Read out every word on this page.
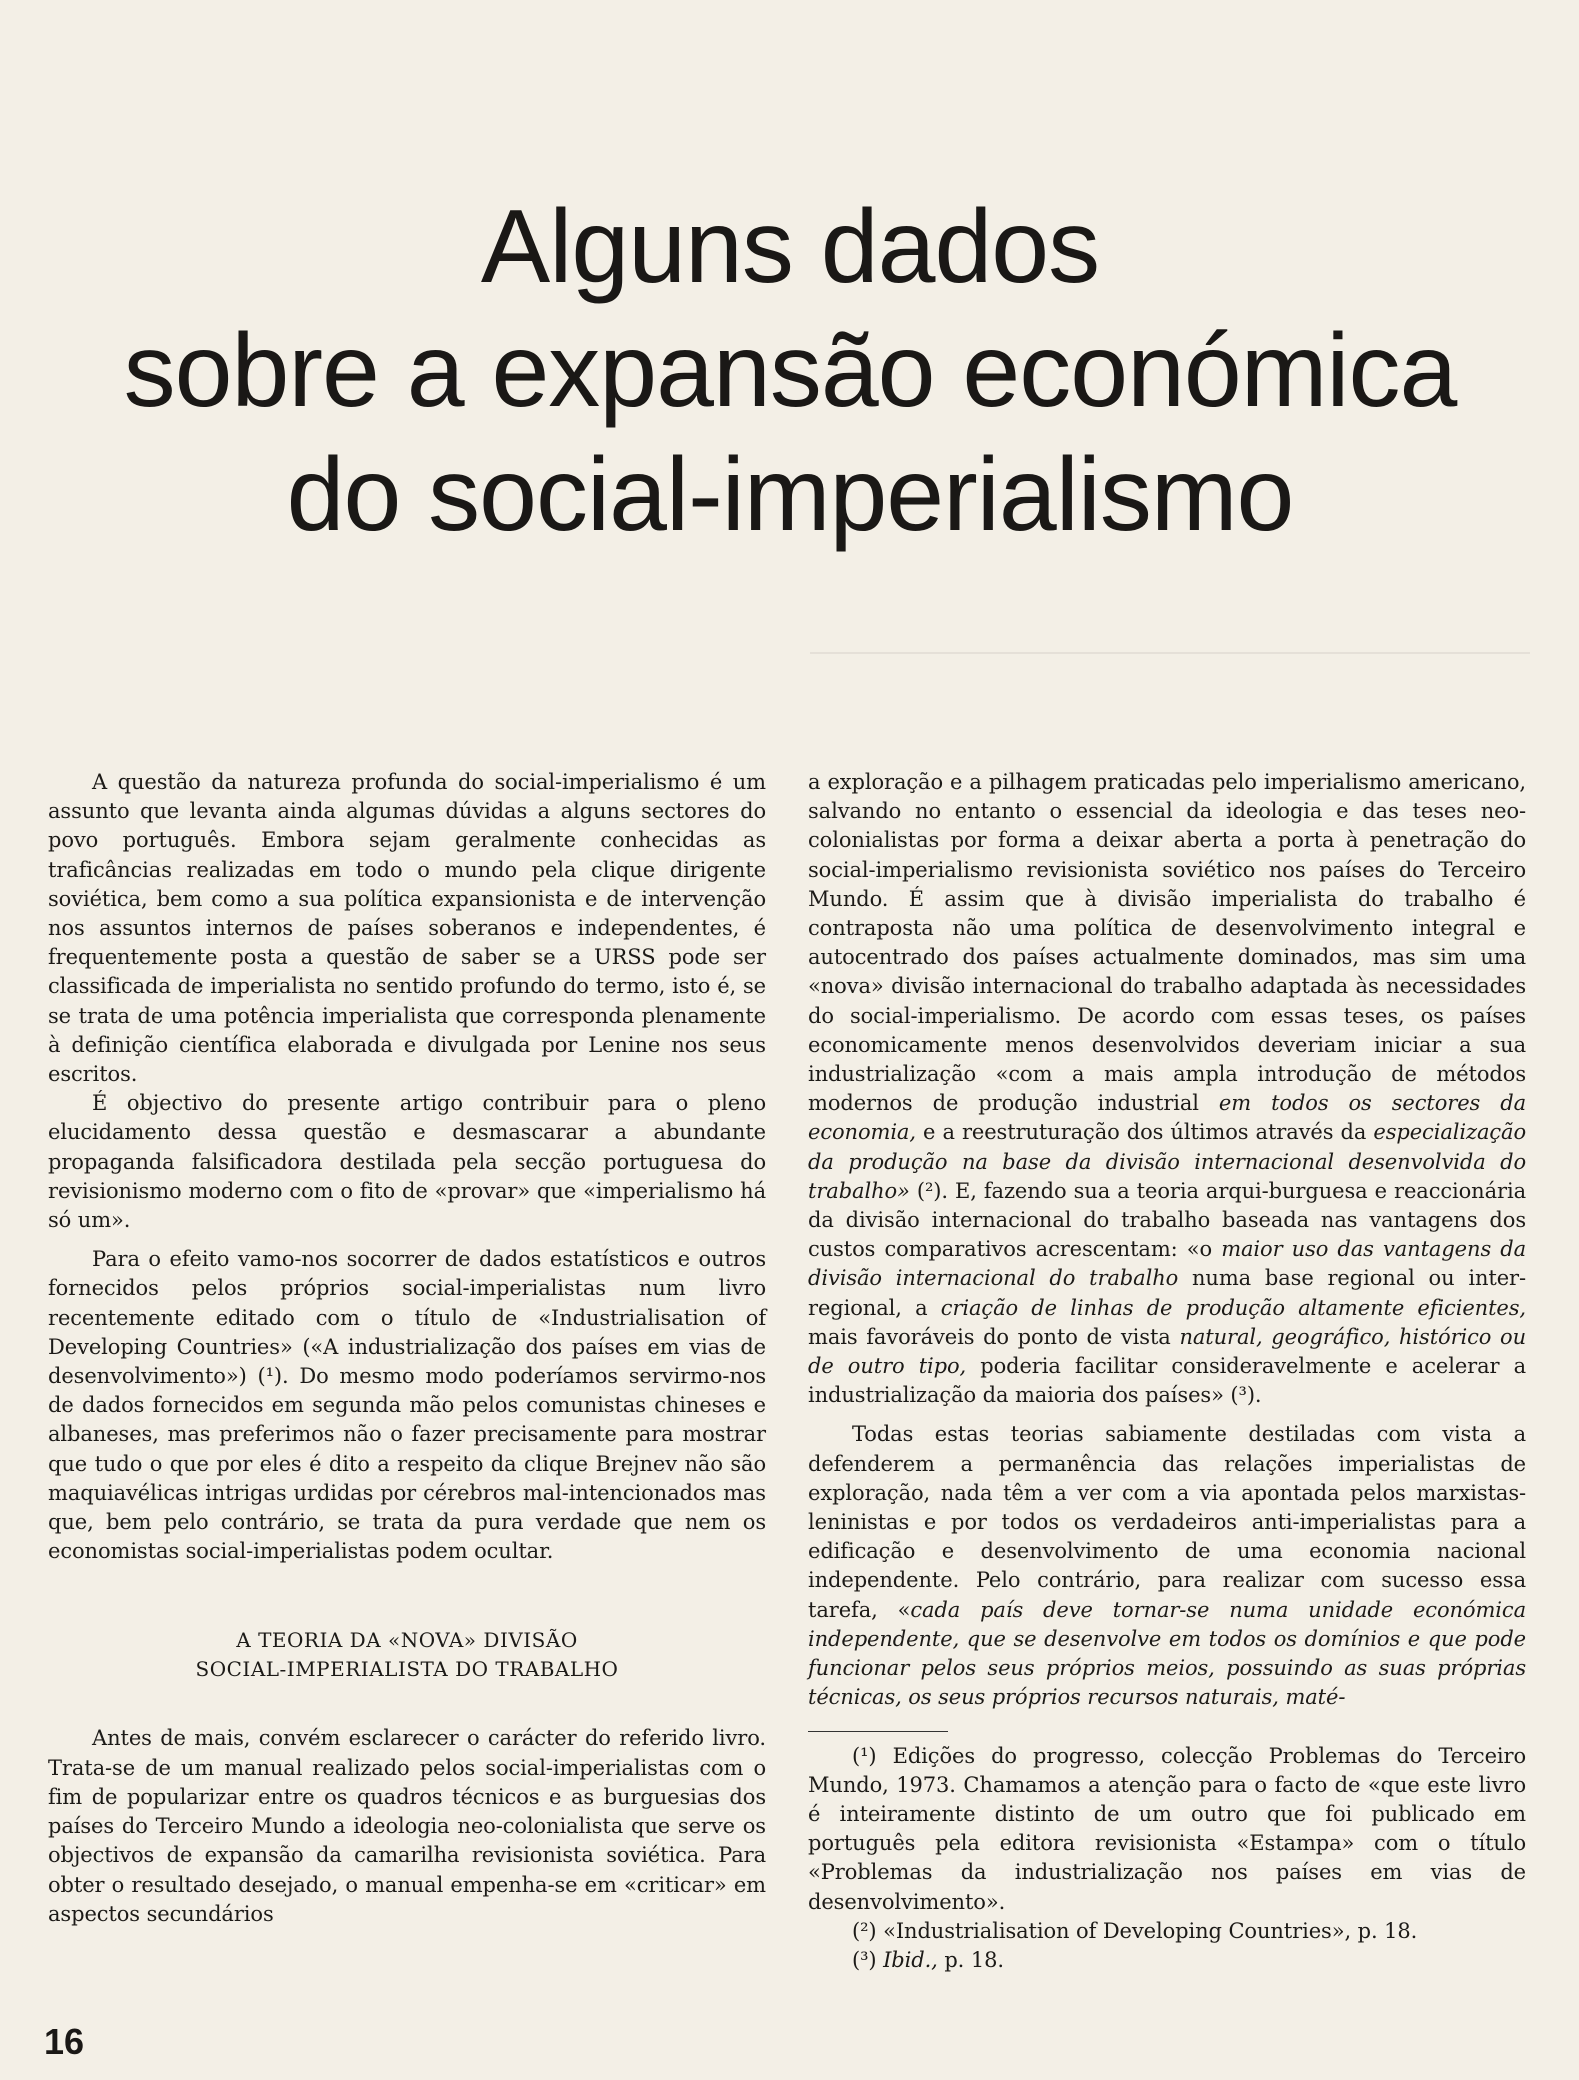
Alguns dados
sobre a expansão económica
do social-imperialismo

A questão da natureza profunda do social-imperialismo é um assunto que levanta ainda algumas dúvidas a alguns sectores do povo português. Embora sejam geralmente conhecidas as traficâncias realizadas em todo o mundo pela clique dirigente soviética, bem como a sua política expansionista e de intervenção nos assuntos internos de países soberanos e independentes, é frequentemente posta a questão de saber se a URSS pode ser classificada de imperialista no sentido profundo do termo, isto é, se se trata de uma potência imperialista que corresponda plenamente à definição científica elaborada e divulgada por Lenine nos seus escritos.

É objectivo do presente artigo contribuir para o pleno elucidamento dessa questão e desmascarar a abundante propaganda falsificadora destilada pela secção portuguesa do revisionismo moderno com o fito de «provar» que «imperialismo há só um».

Para o efeito vamo-nos socorrer de dados estatísticos e outros fornecidos pelos próprios social-imperialistas num livro recentemente editado com o título de «Industrialisation of Developing Countries» («A industrialização dos países em vias de desenvolvimento») (¹). Do mesmo modo poderíamos servirmo-nos de dados fornecidos em segunda mão pelos comunistas chineses e albaneses, mas preferimos não o fazer precisamente para mostrar que tudo o que por eles é dito a respeito da clique Brejnev não são maquiavélicas intrigas urdidas por cérebros mal-intencionados mas que, bem pelo contrário, se trata da pura verdade que nem os economistas social-imperialistas podem ocultar.

A TEORIA DA «NOVA» DIVISÃO
SOCIAL-IMPERIALISTA DO TRABALHO

Antes de mais, convém esclarecer o carácter do referido livro. Trata-se de um manual realizado pelos social-imperialistas com o fim de popularizar entre os quadros técnicos e as burguesias dos países do Terceiro Mundo a ideologia neo-colonialista que serve os objectivos de expansão da camarilha revisionista soviética. Para obter o resultado desejado, o manual empenha-se em «criticar» em aspectos secundários

a exploração e a pilhagem praticadas pelo imperialismo americano, salvando no entanto o essencial da ideologia e das teses neo-colonialistas por forma a deixar aberta a porta à penetração do social-imperialismo revisionista soviético nos países do Terceiro Mundo. É assim que à divisão imperialista do trabalho é contraposta não uma política de desenvolvimento integral e autocentrado dos países actualmente dominados, mas sim uma «nova» divisão internacional do trabalho adaptada às necessidades do social-imperialismo. De acordo com essas teses, os países economicamente menos desenvolvidos deveriam iniciar a sua industrialização «com a mais ampla introdução de métodos modernos de produção industrial em todos os sectores da economia, e a reestruturação dos últimos através da especialização da produção na base da divisão internacional desenvolvida do trabalho» (²). E, fazendo sua a teoria arqui-burguesa e reaccionária da divisão internacional do trabalho baseada nas vantagens dos custos comparativos acrescentam: «o maior uso das vantagens da divisão internacional do trabalho numa base regional ou inter-regional, a criação de linhas de produção altamente eficientes, mais favoráveis do ponto de vista natural, geográfico, histórico ou de outro tipo, poderia facilitar consideravelmente e acelerar a industrialização da maioria dos países» (³).

Todas estas teorias sabiamente destiladas com vista a defenderem a permanência das relações imperialistas de exploração, nada têm a ver com a via apontada pelos marxistas-leninistas e por todos os verdadeiros anti-imperialistas para a edificação e desenvolvimento de uma economia nacional independente. Pelo contrário, para realizar com sucesso essa tarefa, «cada país deve tornar-se numa unidade económica independente, que se desenvolve em todos os domínios e que pode funcionar pelos seus próprios meios, possuindo as suas próprias técnicas, os seus próprios recursos naturais, maté-

(¹) Edições do progresso, colecção Problemas do Terceiro Mundo, 1973. Chamamos a atenção para o facto de «que este livro é inteiramente distinto de um outro que foi publicado em português pela editora revisionista «Estampa» com o título «Problemas da industrialização nos países em vias de desenvolvimento».

(²) «Industrialisation of Developing Countries», p. 18.

(³) Ibid., p. 18.

16
